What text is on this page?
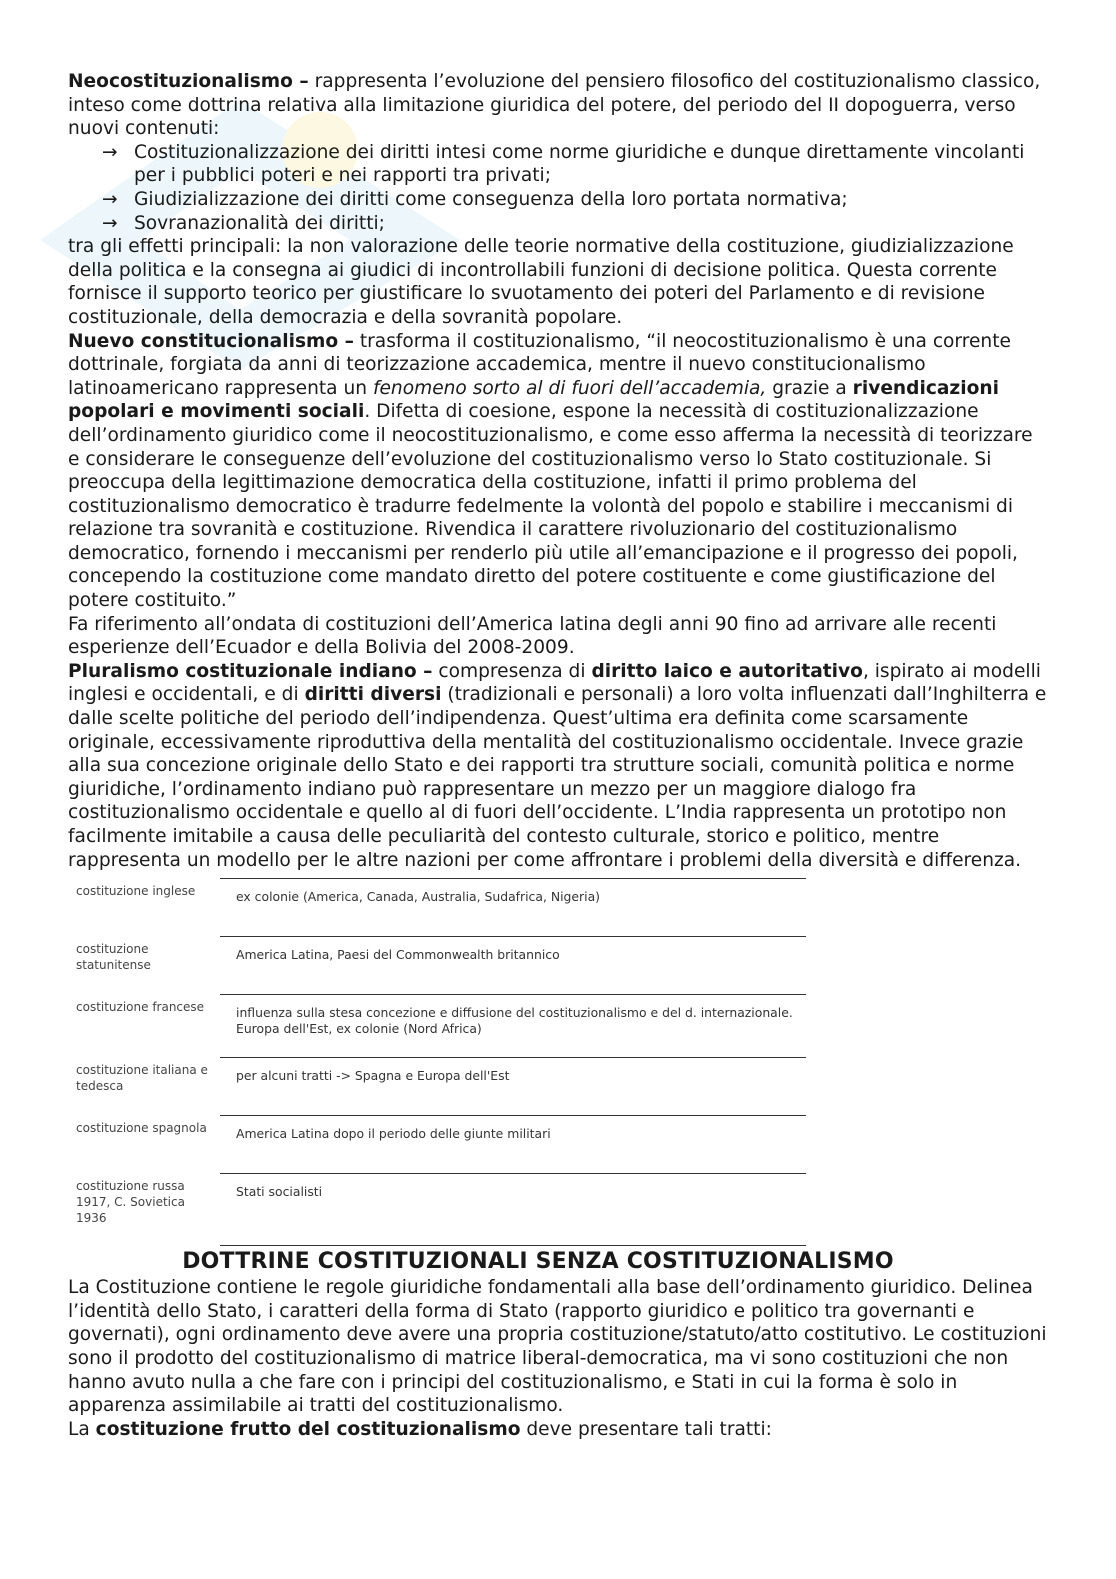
Neocostituzionalismo – rappresenta l’evoluzione del pensiero filosofico del costituzionalismo classico, inteso come dottrina relativa alla limitazione giuridica del potere, del periodo del II dopoguerra, verso nuovi contenuti:

→ Costituzionalizzazione dei diritti intesi come norme giuridiche e dunque direttamente vincolanti per i pubblici poteri e nei rapporti tra privati;
→ Giudizializzazione dei diritti come conseguenza della loro portata normativa;
→ Sovranazionalità dei diritti;

tra gli effetti principali: la non valorazione delle teorie normative della costituzione, giudizializzazione della politica e la consegna ai giudici di incontrollabili funzioni di decisione politica. Questa corrente fornisce il supporto teorico per giustificare lo svuotamento dei poteri del Parlamento e di revisione costituzionale, della democrazia e della sovranità popolare.

Nuevo constitucionalismo – trasforma il costituzionalismo, “il neocostituzionalismo è una corrente dottrinale, forgiata da anni di teorizzazione accademica, mentre il nuevo constitucionalismo latinoamericano rappresenta un fenomeno sorto al di fuori dell’accademia, grazie a rivendicazioni popolari e movimenti sociali. Difetta di coesione, espone la necessità di costituzionalizzazione dell’ordinamento giuridico come il neocostituzionalismo, e come esso afferma la necessità di teorizzare e considerare le conseguenze dell’evoluzione del costituzionalismo verso lo Stato costituzionale. Si preoccupa della legittimazione democratica della costituzione, infatti il primo problema del costituzionalismo democratico è tradurre fedelmente la volontà del popolo e stabilire i meccanismi di relazione tra sovranità e costituzione. Rivendica il carattere rivoluzionario del costituzionalismo democratico, fornendo i meccanismi per renderlo più utile all’emancipazione e il progresso dei popoli, concependo la costituzione come mandato diretto del potere costituente e come giustificazione del potere costituito.”

Fa riferimento all’ondata di costituzioni dell’America latina degli anni 90 fino ad arrivare alle recenti esperienze dell’Ecuador e della Bolivia del 2008-2009.

Pluralismo costituzionale indiano – compresenza di diritto laico e autoritativo, ispirato ai modelli inglesi e occidentali, e di diritti diversi (tradizionali e personali) a loro volta influenzati dall’Inghilterra e dalle scelte politiche del periodo dell’indipendenza. Quest’ultima era definita come scarsamente originale, eccessivamente riproduttiva della mentalità del costituzionalismo occidentale. Invece grazie alla sua concezione originale dello Stato e dei rapporti tra strutture sociali, comunità politica e norme giuridiche, l’ordinamento indiano può rappresentare un mezzo per un maggiore dialogo fra costituzionalismo occidentale e quello al di fuori dell’occidente. L’India rappresenta un prototipo non facilmente imitabile a causa delle peculiarità del contesto culturale, storico e politico, mentre rappresenta un modello per le altre nazioni per come affrontare i problemi della diversità e differenza.

costituzione inglese	ex colonie (America, Canada, Australia, Sudafrica, Nigeria)
costituzione statunitense	America Latina, Paesi del Commonwealth britannico
costituzione francese	influenza sulla stesa concezione e diffusione del costituzionalismo e del d. internazionale. Europa dell'Est, ex colonie (Nord Africa)
costituzione italiana e tedesca	per alcuni tratti -> Spagna e Europa dell'Est
costituzione spagnola	America Latina dopo il periodo delle giunte militari
costituzione russa 1917, C. Sovietica 1936	Stati socialisti
DOTTRINE COSTITUZIONALI SENZA COSTITUZIONALISMO

La Costituzione contiene le regole giuridiche fondamentali alla base dell’ordinamento giuridico. Delinea l’identità dello Stato, i caratteri della forma di Stato (rapporto giuridico e politico tra governanti e governati), ogni ordinamento deve avere una propria costituzione/statuto/atto costitutivo. Le costituzioni sono il prodotto del costituzionalismo di matrice liberal-democratica, ma vi sono costituzioni che non hanno avuto nulla a che fare con i principi del costituzionalismo, e Stati in cui la forma è solo in apparenza assimilabile ai tratti del costituzionalismo.

La costituzione frutto del costituzionalismo deve presentare tali tratti:
